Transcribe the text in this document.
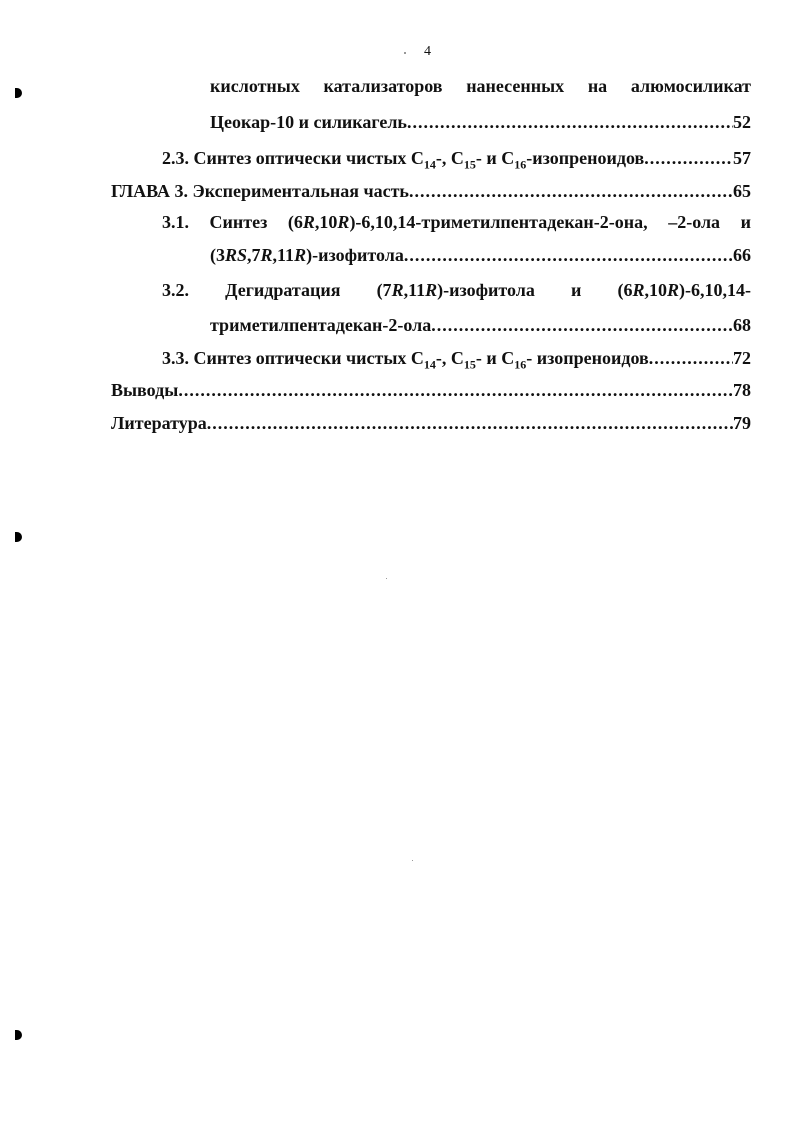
4
кислотных катализаторов нанесенных на алюмосиликат
Цеокар-10 и силикагель .....	52
2.3. Синтез оптически чистых $C_{14}-$, $C_{15}-$ и $C_{16}$-изопреноидов .....	57
ГЛАВА 3. Экспериментальная часть .....	65
3.1. Синтез (6R,10R)-6,10,14-триметилпентадекан-2-она, –2-ола и
(3RS,7R,11R)-изофитола .....	66
3.2. Дегидратация (7R,11R)-изофитола и (6R,10R)-6,10,14-
триметилпентадекан-2-ола .....	68
3.3. Синтез оптически чистых $C_{14}-$, $C_{15}-$ и $C_{16}-$ изопреноидов .....	72
Выводы .....	78
Литература .....	79
